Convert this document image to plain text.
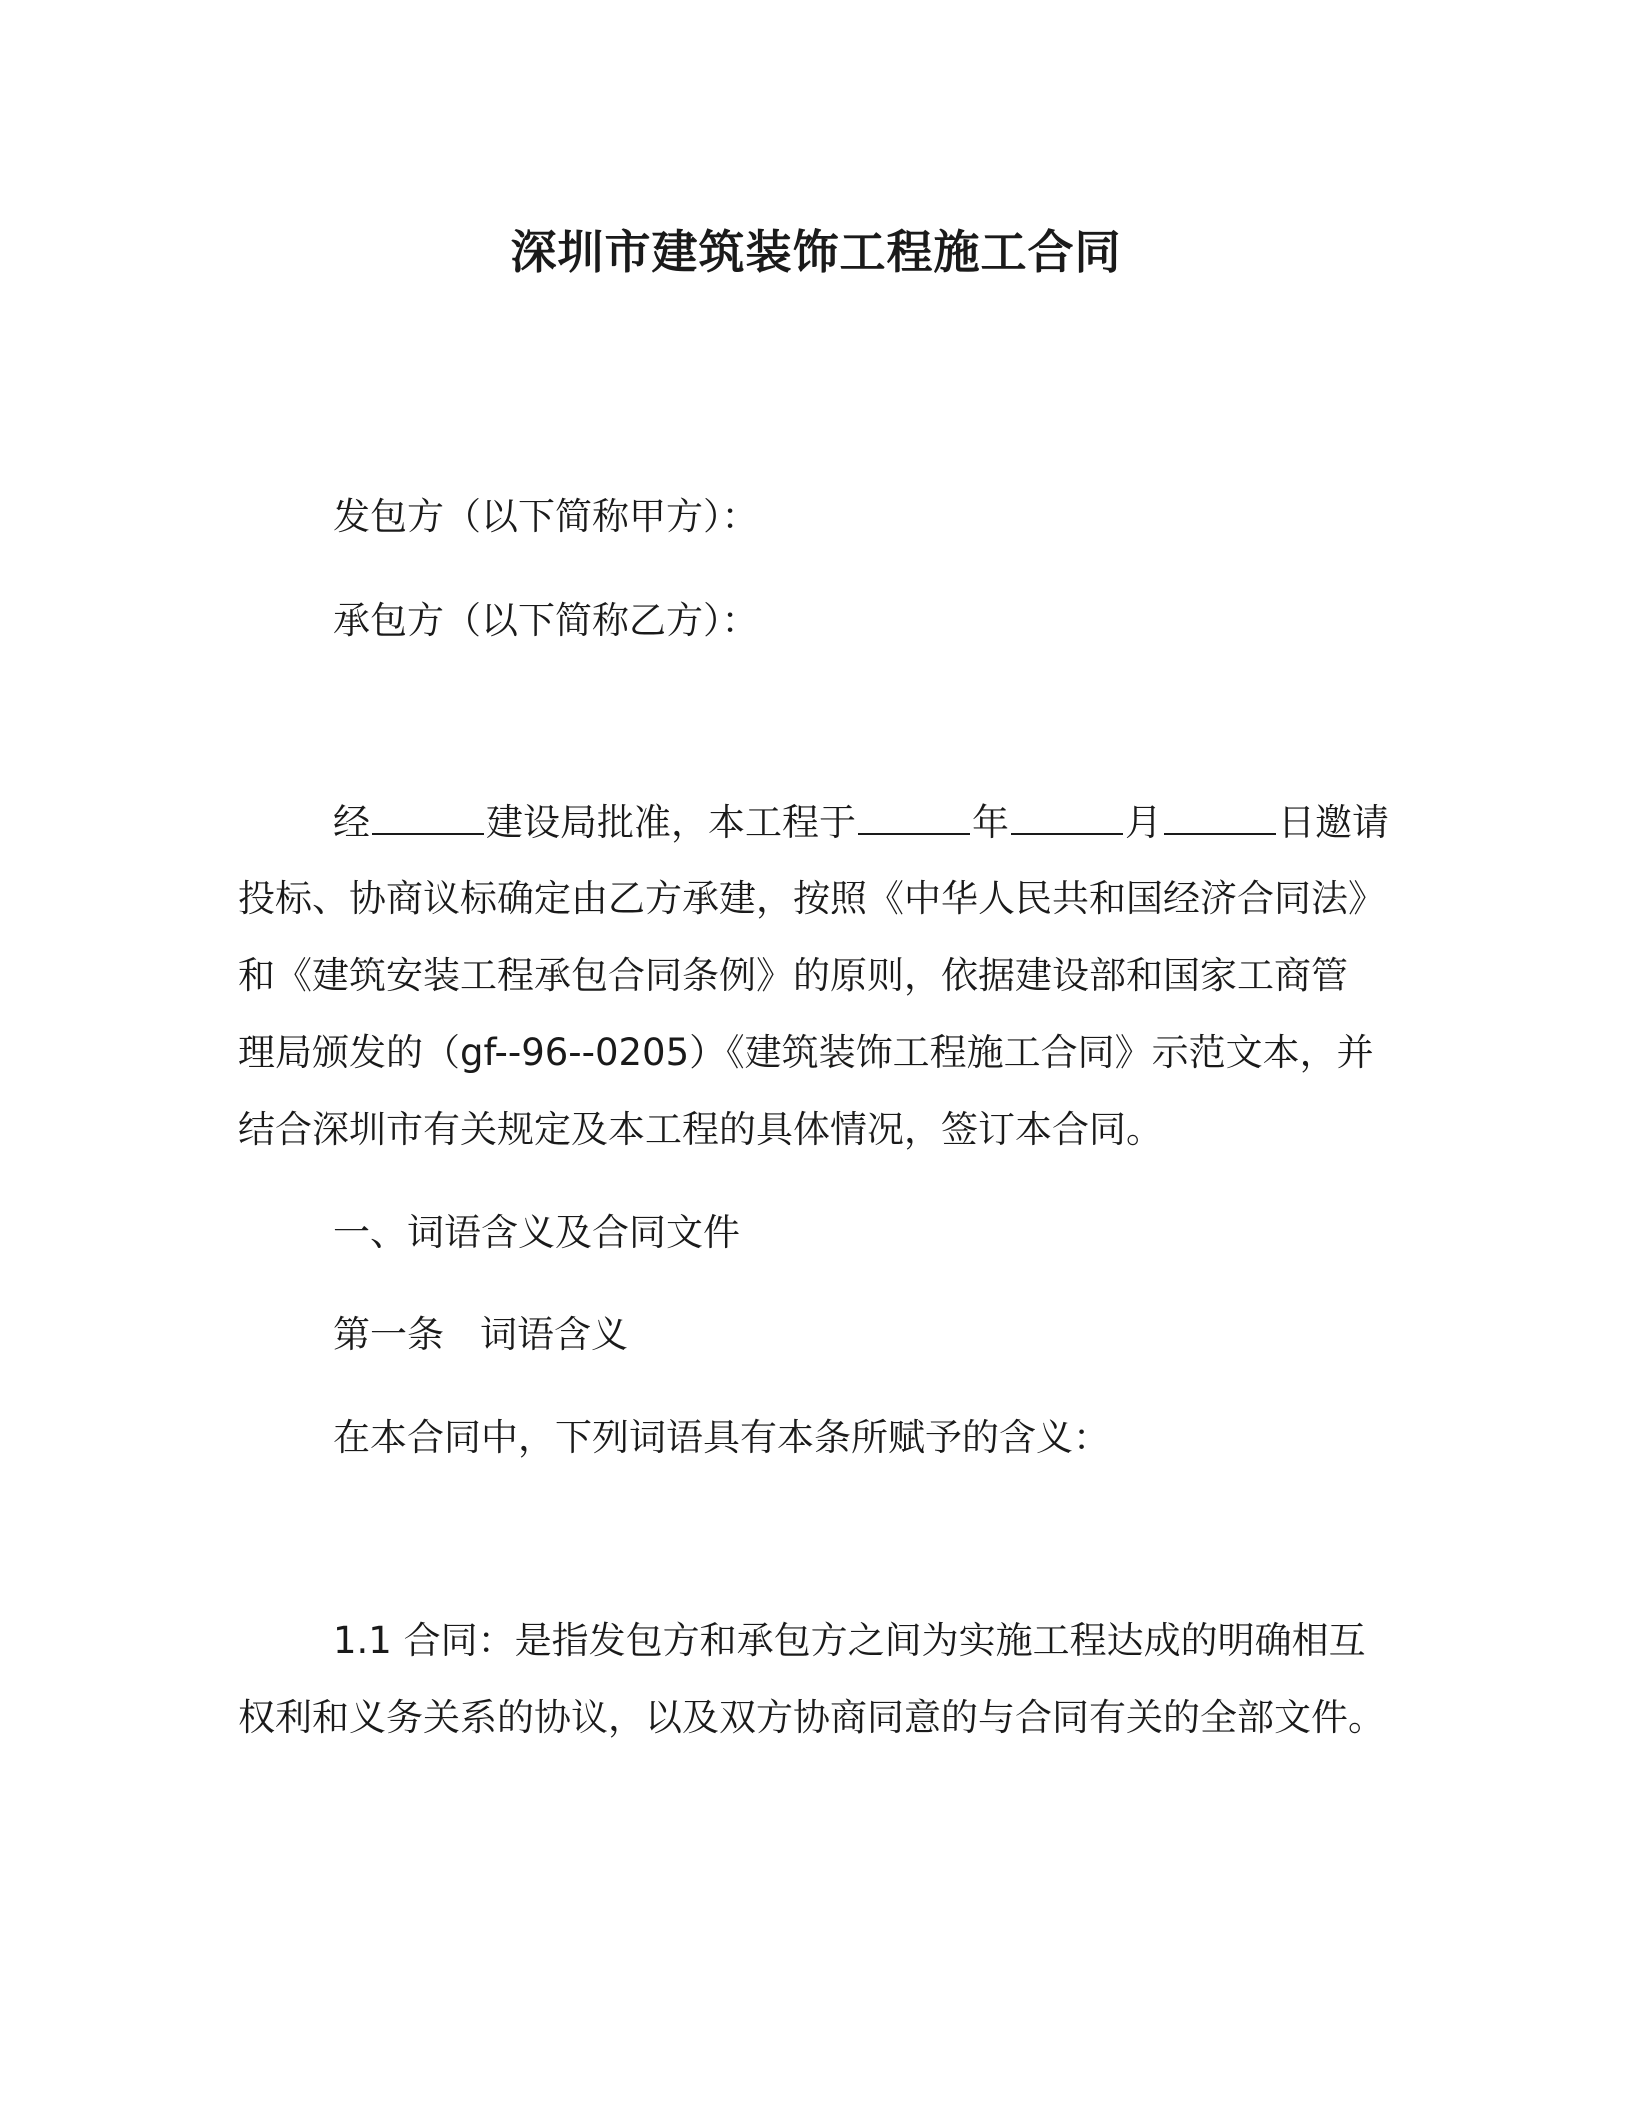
深圳市建筑装饰工程施工合同

发包方（以下简称甲方）：

承包方（以下简称乙方）：

经	建设局批准，本工程于	年	月	日邀请

投标、协商议标确定由乙方承建，按照《中华人民共和国经济合同法》

和《建筑安装工程承包合同条例》的原则，依据建设部和国家工商管

理局颁发的（gf--96--0205）《建筑装饰工程施工合同》示范文本，并

结合深圳市有关规定及本工程的具体情况，签订本合同。

一、词语含义及合同文件

第一条 词语含义

在本合同中，下列词语具有本条所赋予的含义：

1.1 合同：是指发包方和承包方之间为实施工程达成的明确相互

权利和义务关系的协议，以及双方协商同意的与合同有关的全部文件。
